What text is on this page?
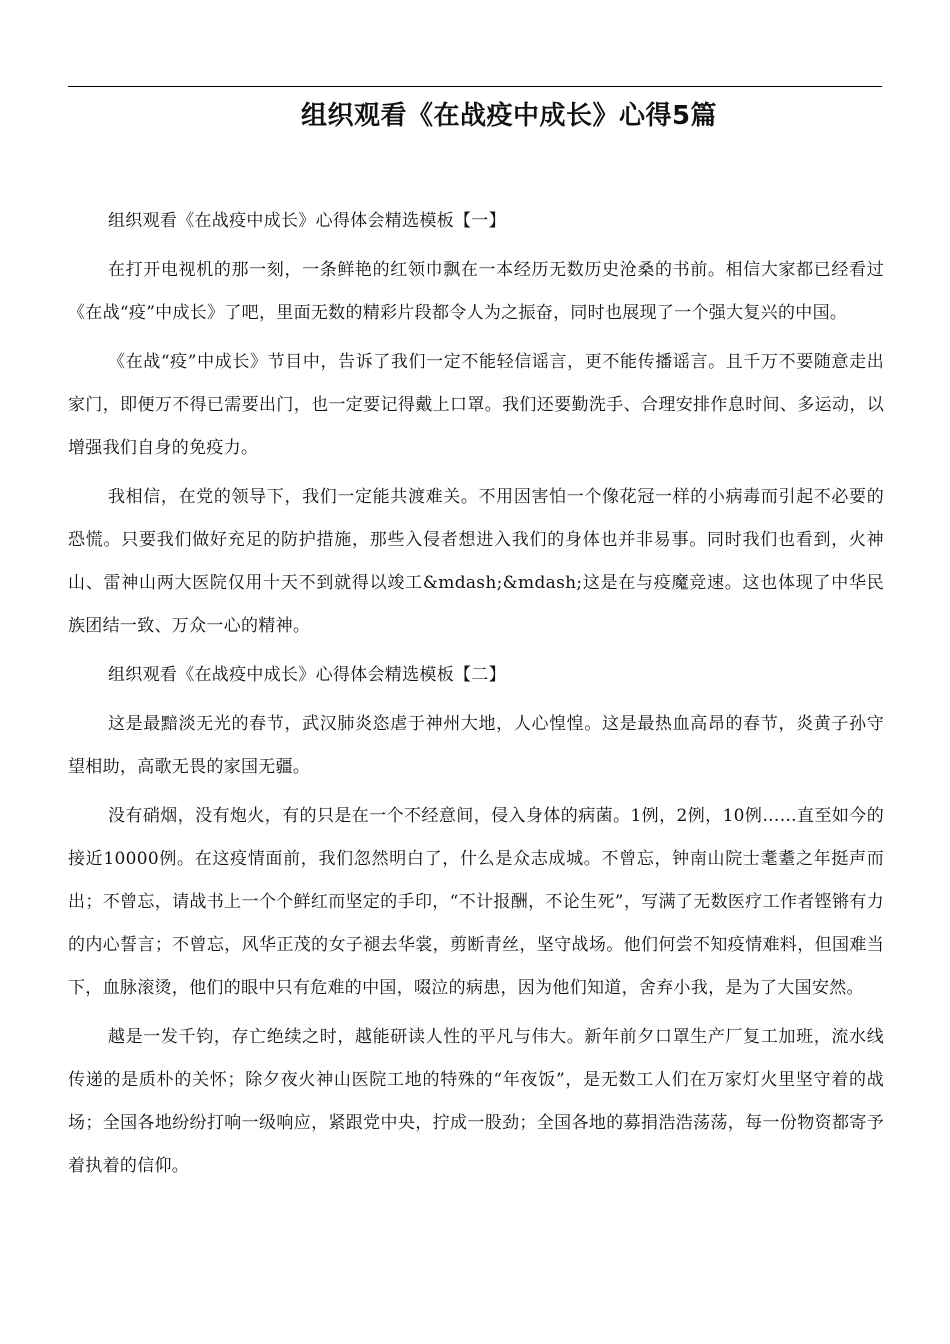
组织观看《在战疫中成长》心得5篇

组织观看《在战疫中成长》心得体会精选模板【一】

在打开电视机的那一刻，一条鲜艳的红领巾飘在一本经历无数历史沧桑的书前。相信大家都已经看过《在战“疫”中成长》了吧，里面无数的精彩片段都令人为之振奋，同时也展现了一个强大复兴的中国。

《在战“疫”中成长》节目中，告诉了我们一定不能轻信谣言，更不能传播谣言。且千万不要随意走出家门，即便万不得已需要出门，也一定要记得戴上口罩。我们还要勤洗手、合理安排作息时间、多运动，以增强我们自身的免疫力。

我相信，在党的领导下，我们一定能共渡难关。不用因害怕一个像花冠一样的小病毒而引起不必要的恐慌。只要我们做好充足的防护措施，那些入侵者想进入我们的身体也并非易事。同时我们也看到，火神山、雷神山两大医院仅用十天不到就得以竣工&mdash;&mdash;这是在与疫魔竞速。这也体现了中华民族团结一致、万众一心的精神。

组织观看《在战疫中成长》心得体会精选模板【二】

这是最黯淡无光的春节，武汉肺炎恣虐于神州大地，人心惶惶。这是最热血高昂的春节，炎黄子孙守望相助，高歌无畏的家国无疆。

没有硝烟，没有炮火，有的只是在一个不经意间，侵入身体的病菌。1例，2例，10例……直至如今的接近10000例。在这疫情面前，我们忽然明白了，什么是众志成城。不曾忘，钟南山院士耄耋之年挺声而出；不曾忘，请战书上一个个鲜红而坚定的手印，“不计报酬，不论生死”，写满了无数医疗工作者铿锵有力的内心誓言；不曾忘，风华正茂的女子褪去华裳，剪断青丝，坚守战场。他们何尝不知疫情难料，但国难当下，血脉滚烫，他们的眼中只有危难的中国，啜泣的病患，因为他们知道，舍弃小我，是为了大国安然。

越是一发千钧，存亡绝续之时，越能研读人性的平凡与伟大。新年前夕口罩生产厂复工加班，流水线传递的是质朴的关怀；除夕夜火神山医院工地的特殊的“年夜饭”，是无数工人们在万家灯火里坚守着的战场；全国各地纷纷打响一级响应，紧跟党中央，拧成一股劲；全国各地的募捐浩浩荡荡，每一份物资都寄予着执着的信仰。
